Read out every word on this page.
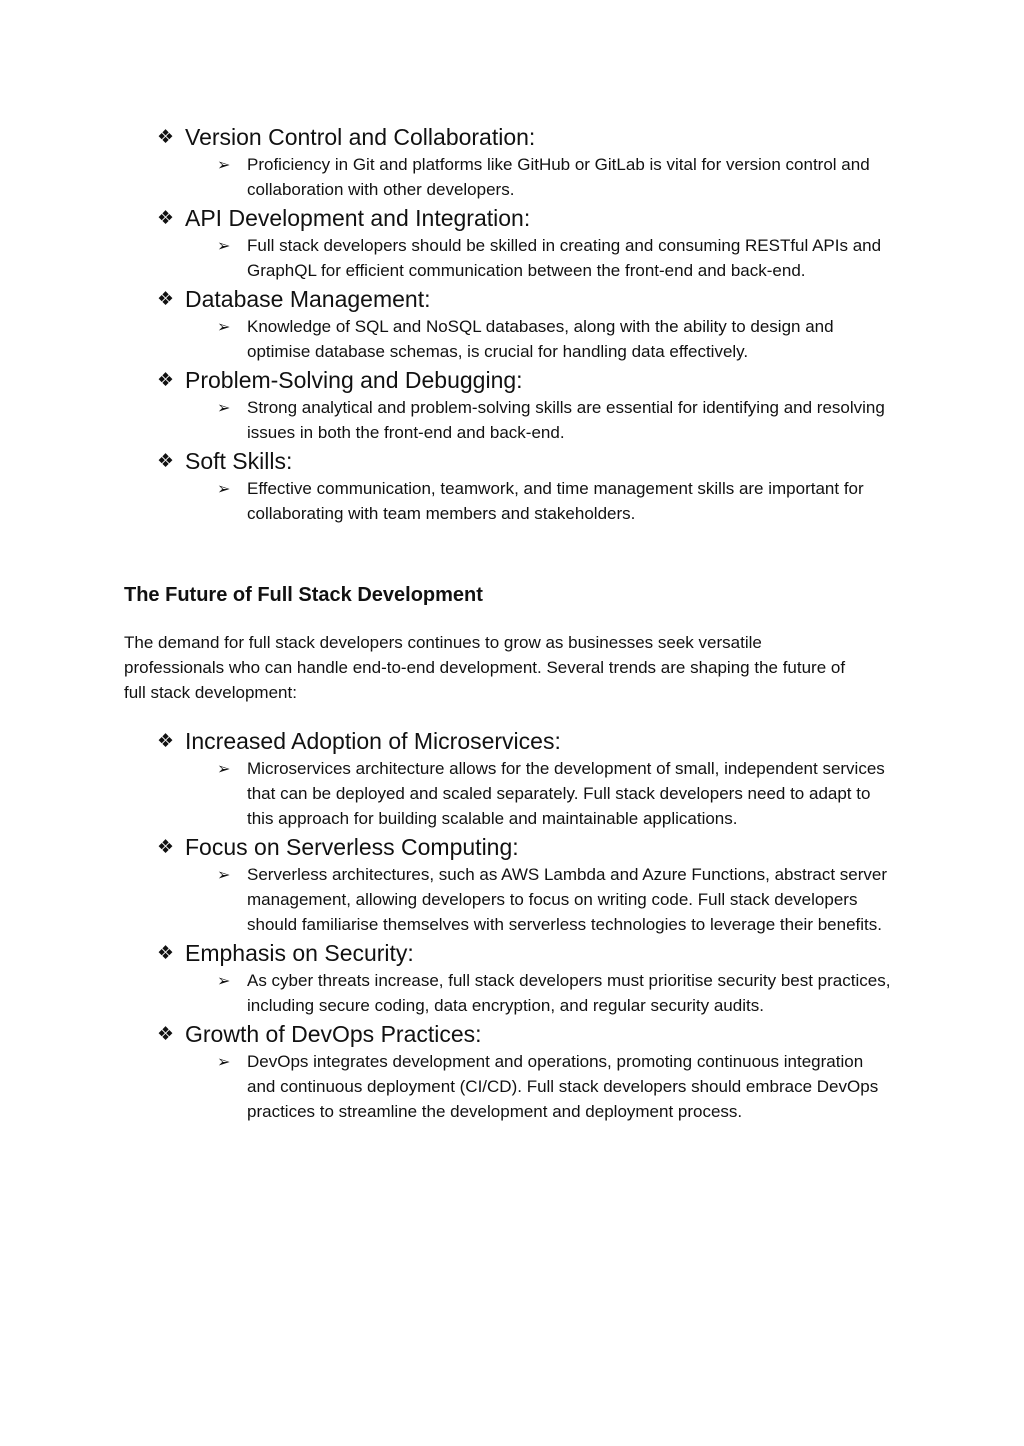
❖ Version Control and Collaboration:
➢ Proficiency in Git and platforms like GitHub or GitLab is vital for version control and collaboration with other developers.
❖ API Development and Integration:
➢ Full stack developers should be skilled in creating and consuming RESTful APIs and GraphQL for efficient communication between the front-end and back-end.
❖ Database Management:
➢ Knowledge of SQL and NoSQL databases, along with the ability to design and optimise database schemas, is crucial for handling data effectively.
❖ Problem-Solving and Debugging:
➢ Strong analytical and problem-solving skills are essential for identifying and resolving issues in both the front-end and back-end.
❖ Soft Skills:
➢ Effective communication, teamwork, and time management skills are important for collaborating with team members and stakeholders.
The Future of Full Stack Development

The demand for full stack developers continues to grow as businesses seek versatile professionals who can handle end-to-end development. Several trends are shaping the future of full stack development:

❖ Increased Adoption of Microservices:
➢ Microservices architecture allows for the development of small, independent services that can be deployed and scaled separately. Full stack developers need to adapt to this approach for building scalable and maintainable applications.
❖ Focus on Serverless Computing:
➢ Serverless architectures, such as AWS Lambda and Azure Functions, abstract server management, allowing developers to focus on writing code. Full stack developers should familiarise themselves with serverless technologies to leverage their benefits.
❖ Emphasis on Security:
➢ As cyber threats increase, full stack developers must prioritise security best practices, including secure coding, data encryption, and regular security audits.
❖ Growth of DevOps Practices:
➢ DevOps integrates development and operations, promoting continuous integration and continuous deployment (CI/CD). Full stack developers should embrace DevOps practices to streamline the development and deployment process.
